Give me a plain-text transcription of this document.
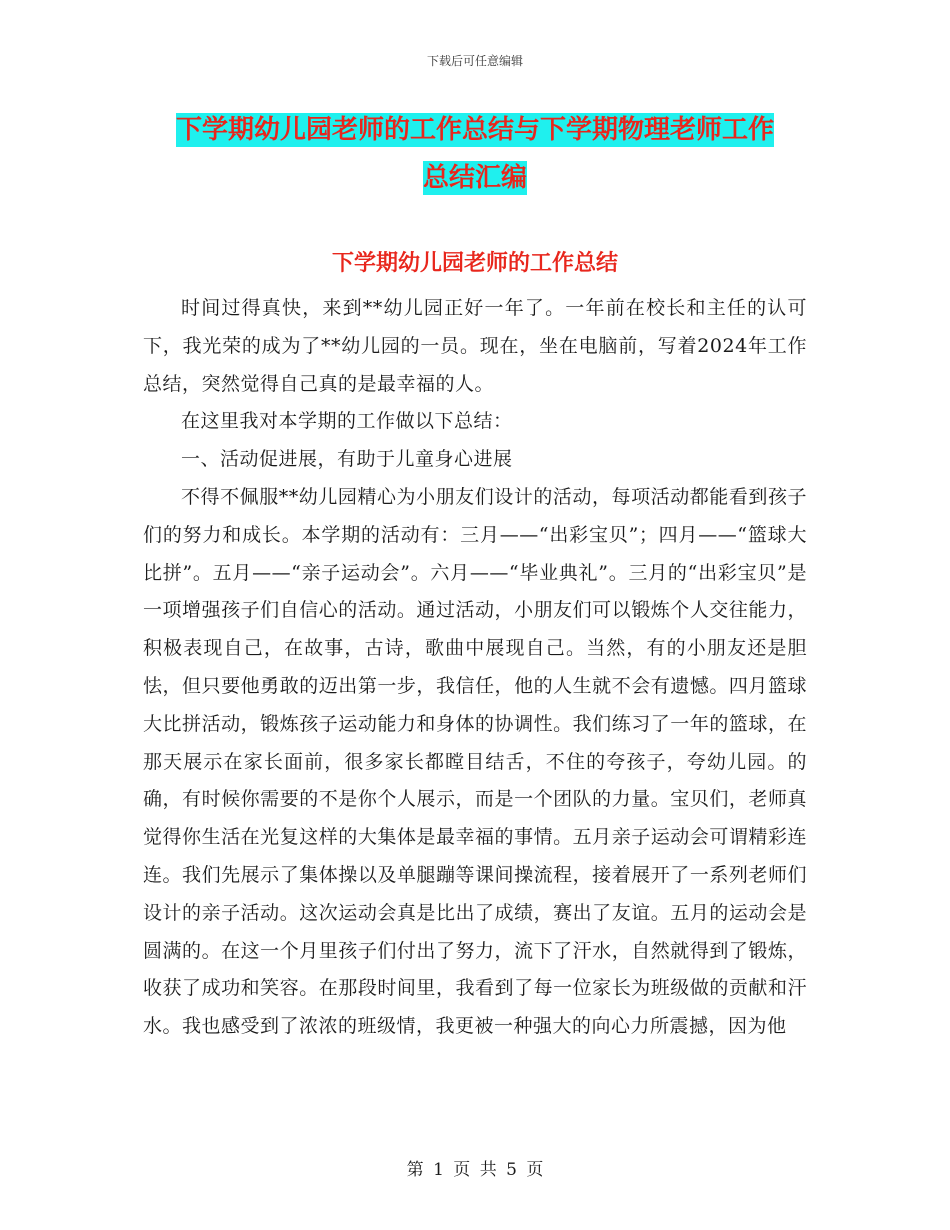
下载后可任意编辑
下学期幼儿园老师的工作总结与下学期物理老师工作
总结汇编
下学期幼儿园老师的工作总结

时间过得真快，来到**幼儿园正好一年了。一年前在校长和主任的认可下，我光荣的成为了**幼儿园的一员。现在，坐在电脑前，写着2024年工作总结，突然觉得自己真的是最幸福的人。

在这里我对本学期的工作做以下总结：

一、活动促进展，有助于儿童身心进展

不得不佩服**幼儿园精心为小朋友们设计的活动，每项活动都能看到孩子们的努力和成长。本学期的活动有：三月——“出彩宝贝”；四月——“篮球大比拼”。五月——“亲子运动会”。六月——“毕业典礼”。三月的“出彩宝贝”是一项增强孩子们自信心的活动。通过活动，小朋友们可以锻炼个人交往能力，积极表现自己，在故事，古诗，歌曲中展现自己。当然，有的小朋友还是胆怯，但只要他勇敢的迈出第一步，我信任，他的人生就不会有遗憾。四月篮球大比拼活动，锻炼孩子运动能力和身体的协调性。我们练习了一年的篮球，在那天展示在家长面前，很多家长都瞠目结舌，不住的夸孩子，夸幼儿园。的确，有时候你需要的不是你个人展示，而是一个团队的力量。宝贝们，老师真觉得你生活在光复这样的大集体是最幸福的事情。五月亲子运动会可谓精彩连连。我们先展示了集体操以及单腿蹦等课间操流程，接着展开了一系列老师们设计的亲子活动。这次运动会真是比出了成绩，赛出了友谊。五月的运动会是圆满的。在这一个月里孩子们付出了努力，流下了汗水，自然就得到了锻炼，收获了成功和笑容。在那段时间里，我看到了每一位家长为班级做的贡献和汗水。我也感受到了浓浓的班级情，我更被一种强大的向心力所震撼，因为他

第 1 页 共 5 页
